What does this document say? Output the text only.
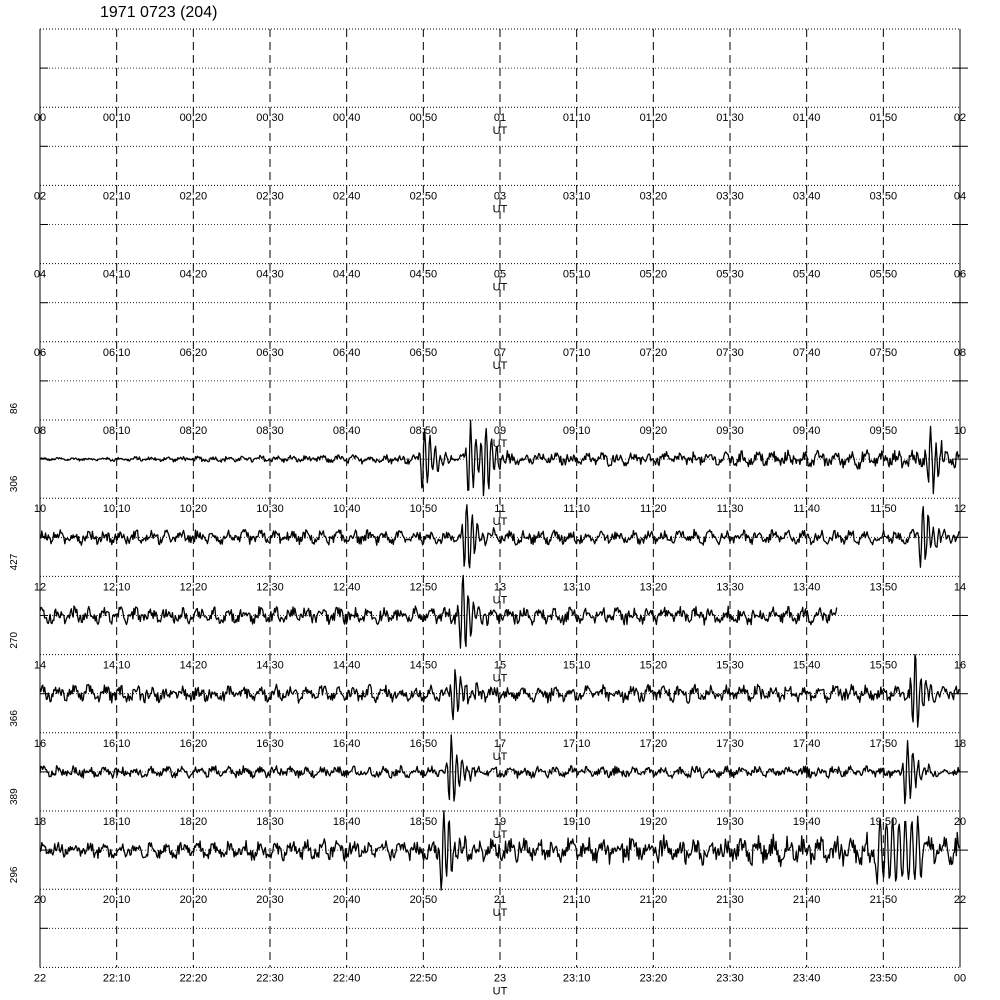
1971 0723 (204)
00	00:10	00:20	00:30	00:40	00:50	01	01:10	01:20	01:30	01:40	01:50	02
UT
02	02:10	02:20	02:30	02:40	02:50	03	03:10	03:20	03:30	03:40	03:50	04
UT
04	04:10	04:20	04:30	04:40	04:50	05	05:10	05:20	05:30	05:40	05:50	06
UT
06	06:10	06:20	06:30	06:40	06:50	07	07:10	07:20	07:30	07:40	07:50	08
UT
08	08:10	08:20	08:30	08:40	08:50	09	09:10	09:20	09:30	09:40	09:50	10
UT
86
10	10:10	10:20	10:30	10:40	10:50	11	11:10	11:20	11:30	11:40	11:50	12
UT
306
12	12:10	12:20	12:30	12:40	12:50	13	13:10	13:20	13:30	13:40	13:50	14
UT
427
14	14:10	14:20	14:30	14:40	14:50	15	15:10	15:20	15:30	15:40	15:50	16
UT
270
16	16:10	16:20	16:30	16:40	16:50	17	17:10	17:20	17:30	17:40	17:50	18
UT
366
18	18:10	18:20	18:30	18:40	18:50	19	19:10	19:20	19:30	19:40	19:50	20
UT
389
20	20:10	20:20	20:30	20:40	20:50	21	21:10	21:20	21:30	21:40	21:50	22
UT
296
22	22:10	22:20	22:30	22:40	22:50	23	23:10	23:20	23:30	23:40	23:50	00
UT
